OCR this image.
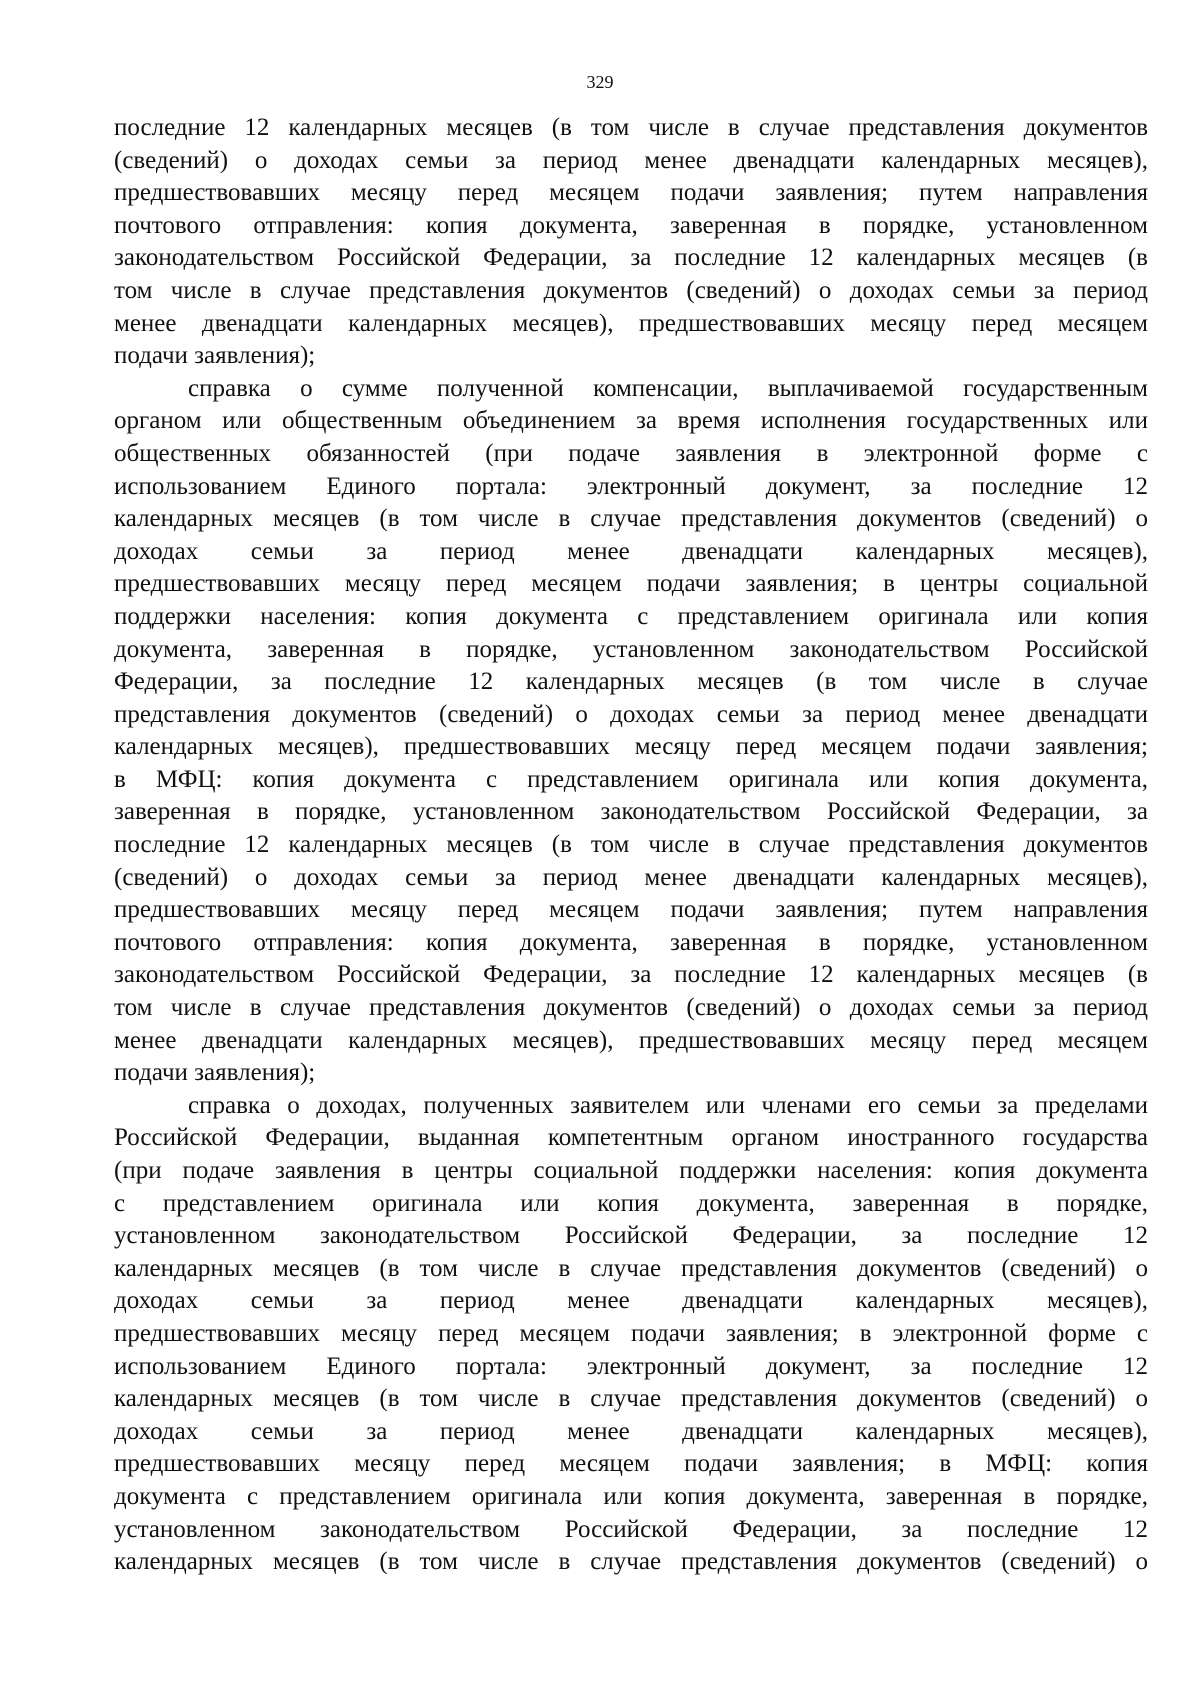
329
последние 12 календарных месяцев (в том числе в случае представления документов
(сведений) о доходах семьи за период менее двенадцати календарных месяцев),
предшествовавших месяцу перед месяцем подачи заявления; путем направления
почтового отправления: копия документа, заверенная в порядке, установленном
законодательством Российской Федерации, за последние 12 календарных месяцев (в
том числе в случае представления документов (сведений) о доходах семьи за период
менее двенадцати календарных месяцев), предшествовавших месяцу перед месяцем
подачи заявления);
справка о сумме полученной компенсации, выплачиваемой государственным
органом или общественным объединением за время исполнения государственных или
общественных обязанностей (при подаче заявления в электронной форме с
использованием Единого портала: электронный документ, за последние 12
календарных месяцев (в том числе в случае представления документов (сведений) о
доходах семьи за период менее двенадцати календарных месяцев),
предшествовавших месяцу перед месяцем подачи заявления; в центры социальной
поддержки населения: копия документа с представлением оригинала или копия
документа, заверенная в порядке, установленном законодательством Российской
Федерации, за последние 12 календарных месяцев (в том числе в случае
представления документов (сведений) о доходах семьи за период менее двенадцати
календарных месяцев), предшествовавших месяцу перед месяцем подачи заявления;
в МФЦ: копия документа с представлением оригинала или копия документа,
заверенная в порядке, установленном законодательством Российской Федерации, за
последние 12 календарных месяцев (в том числе в случае представления документов
(сведений) о доходах семьи за период менее двенадцати календарных месяцев),
предшествовавших месяцу перед месяцем подачи заявления; путем направления
почтового отправления: копия документа, заверенная в порядке, установленном
законодательством Российской Федерации, за последние 12 календарных месяцев (в
том числе в случае представления документов (сведений) о доходах семьи за период
менее двенадцати календарных месяцев), предшествовавших месяцу перед месяцем
подачи заявления);
справка о доходах, полученных заявителем или членами его семьи за пределами
Российской Федерации, выданная компетентным органом иностранного государства
(при подаче заявления в центры социальной поддержки населения: копия документа
с представлением оригинала или копия документа, заверенная в порядке,
установленном законодательством Российской Федерации, за последние 12
календарных месяцев (в том числе в случае представления документов (сведений) о
доходах семьи за период менее двенадцати календарных месяцев),
предшествовавших месяцу перед месяцем подачи заявления; в электронной форме с
использованием Единого портала: электронный документ, за последние 12
календарных месяцев (в том числе в случае представления документов (сведений) о
доходах семьи за период менее двенадцати календарных месяцев),
предшествовавших месяцу перед месяцем подачи заявления; в МФЦ: копия
документа с представлением оригинала или копия документа, заверенная в порядке,
установленном законодательством Российской Федерации, за последние 12
календарных месяцев (в том числе в случае представления документов (сведений) о
